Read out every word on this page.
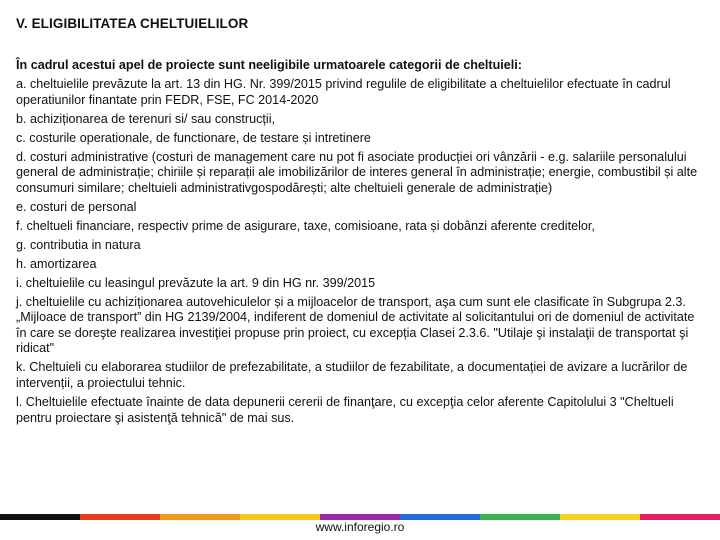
V. ELIGIBILITATEA CHELTUIELILOR

În cadrul acestui apel de proiecte sunt neeligibile urmatoarele categorii de cheltuieli:

a. cheltuielile prevăzute la art. 13 din HG. Nr. 399/2015 privind regulile de eligibilitate a cheltuielilor efectuate în cadrul operatiunilor finantate prin FEDR, FSE, FC 2014-2020

b. achiziționarea de terenuri si/ sau construcții,

c. costurile operationale, de functionare, de testare și intretinere

d. costuri administrative (costuri de management care nu pot fi asociate producției ori vânzării - e.g. salariile personalului general de administrație; chiriile și reparații ale imobilizărilor de interes general în administrație; energie, combustibil și alte consumuri similare; cheltuieli administrativgospodărești; alte cheltuieli generale de administrație)

e. costuri de personal

f. cheltueli financiare, respectiv prime de asigurare, taxe, comisioane, rata și dobânzi aferente creditelor,

g. contributia in natura

h. amortizarea

i. cheltuielile cu leasingul prevăzute la art. 9 din HG nr. 399/2015

j. cheltuielile cu achiziționarea autovehiculelor și a mijloacelor de transport, aşa cum sunt ele clasificate în Subgrupa 2.3. „Mijloace de transport” din HG 2139/2004, indiferent de domeniul de activitate al solicitantului ori de domeniul de activitate în care se doreşte realizarea investiţiei propuse prin proiect, cu excepția Clasei 2.3.6. "Utilaje şi instalaţii de transportat şi ridicat"

k. Cheltuieli cu elaborarea studiilor de prefezabilitate, a studiilor de fezabilitate, a documentației de avizare a lucrărilor de intervenții, a proiectului tehnic.

l. Cheltuielile efectuate înainte de data depunerii cererii de finanţare, cu excepţia celor aferente Capitolului 3 "Cheltueli pentru proiectare şi asistenţă tehnică" de mai sus.

www.inforegio.ro
